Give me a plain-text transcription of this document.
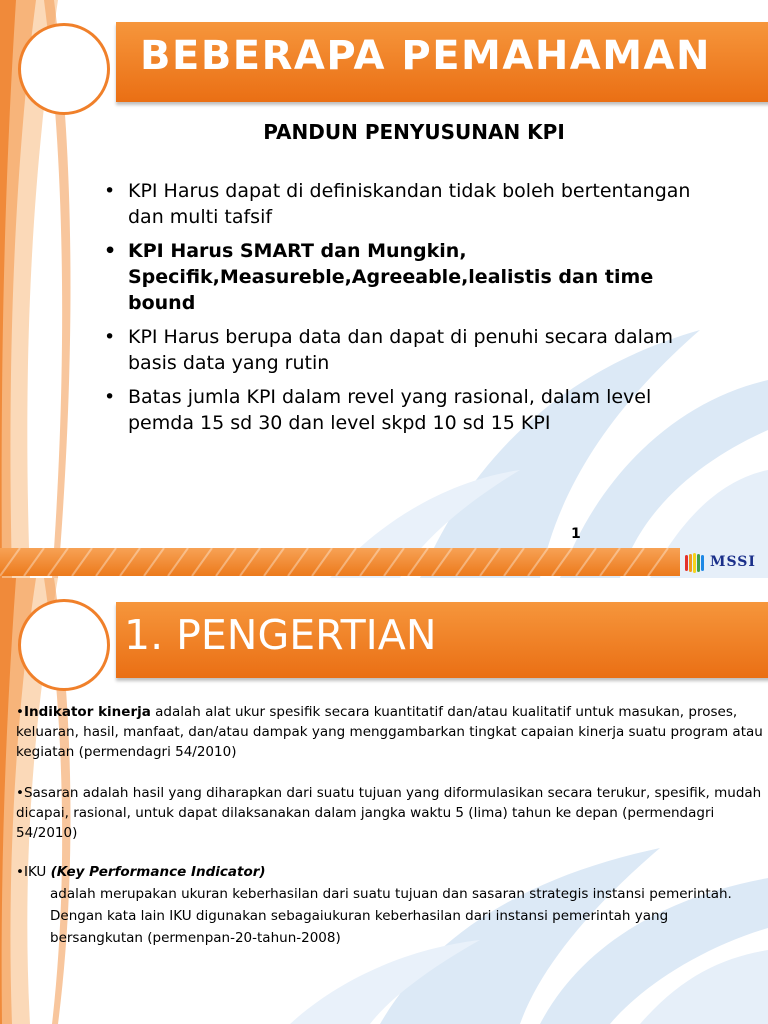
BEBERAPA PEMAHAMAN
PANDUN PENYUSUNAN KPI
• KPI Harus dapat di definiskandan tidak boleh bertentangan dan multi tafsif
• KPI Harus SMART dan Mungkin, Specifik,Measureble,Agreeable,lealistis dan time bound
• KPI Harus berupa data dan dapat di penuhi secara dalam basis data yang rutin
• Batas jumla KPI dalam revel yang rasional, dalam level pemda 15 sd 30 dan level skpd 10 sd 15 KPI
1
MSSI
1. PENGERTIAN
•Indikator kinerja adalah alat ukur spesifik secara kuantitatif dan/atau kualitatif untuk masukan, proses, keluaran, hasil, manfaat, dan/atau dampak yang menggambarkan tingkat capaian kinerja suatu program atau kegiatan (permendagri 54/2010)
•Sasaran adalah hasil yang diharapkan dari suatu tujuan yang diformulasikan secara terukur, spesifik, mudah dicapai, rasional, untuk dapat dilaksanakan dalam jangka waktu 5 (lima) tahun ke depan (permendagri 54/2010)
•IKU (Key Performance Indicator)
adalah merupakan ukuran keberhasilan dari suatu tujuan dan sasaran strategis instansi pemerintah. Dengan kata lain IKU digunakan sebagaiukuran keberhasilan dari instansi pemerintah yang bersangkutan (permenpan-20-tahun-2008)
